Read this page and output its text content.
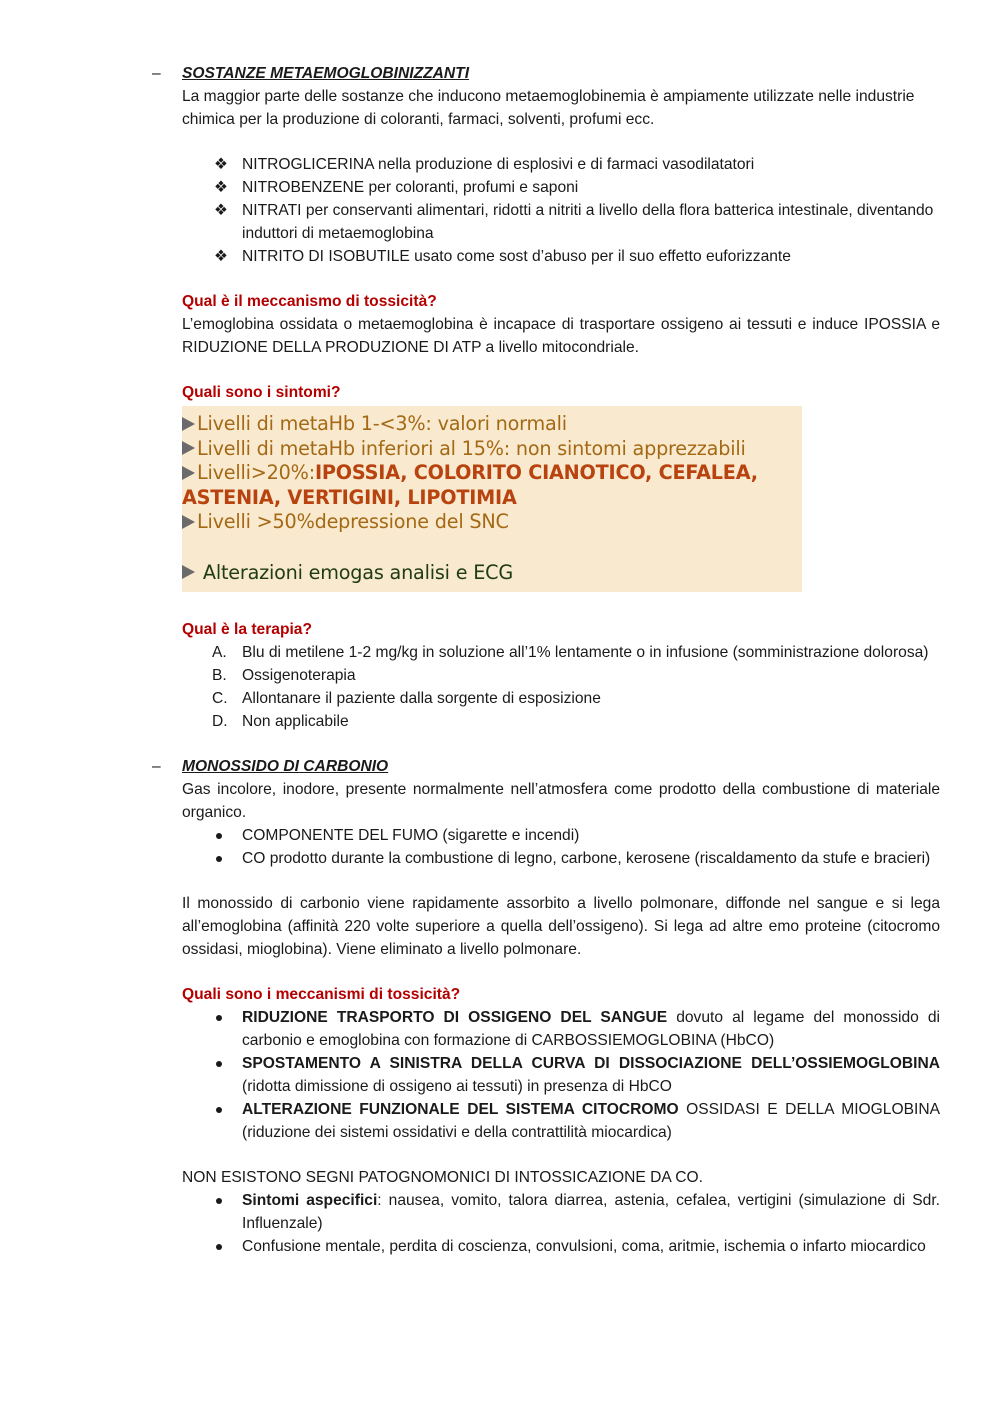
– SOSTANZE METAEMOGLOBINIZZANTI

La maggior parte delle sostanze che inducono metaemoglobinemia è ampiamente utilizzate nelle industrie chimica per la produzione di coloranti, farmaci, solventi, profumi ecc.

❖ NITROGLICERINA nella produzione di esplosivi e di farmaci vasodilatatori
❖ NITROBENZENE per coloranti, profumi e saponi
❖ NITRATI per conservanti alimentari, ridotti a nitriti a livello della flora batterica intestinale, diventando induttori di metaemoglobina
❖ NITRITO DI ISOBUTILE usato come sost d’abuso per il suo effetto euforizzante

Qual è il meccanismo di tossicità?

L’emoglobina ossidata o metaemoglobina è incapace di trasportare ossigeno ai tessuti e induce IPOSSIA e RIDUZIONE DELLA PRODUZIONE DI ATP a livello mitocondriale.

Quali sono i sintomi?

Livelli di metaHb 1-<3%: valori normali
Livelli di metaHb inferiori al 15%: non sintomi apprezzabili
Livelli>20%:IPOSSIA, COLORITO CIANOTICO, CEFALEA,
ASTENIA, VERTIGINI, LIPOTIMIA
Livelli >50%depressione del SNC
Alterazioni emogas analisi e ECG

Qual è la terapia?

A. Blu di metilene 1-2 mg/kg in soluzione all’1% lentamente o in infusione (somministrazione dolorosa)
B. Ossigenoterapia
C. Allontanare il paziente dalla sorgente di esposizione
D. Non applicabile
– MONOSSIDO DI CARBONIO

Gas incolore, inodore, presente normalmente nell’atmosfera come prodotto della combustione di materiale organico.

COMPONENTE DEL FUMO (sigarette e incendi)
CO prodotto durante la combustione di legno, carbone, kerosene (riscaldamento da stufe e bracieri)

Il monossido di carbonio viene rapidamente assorbito a livello polmonare, diffonde nel sangue e si lega all’emoglobina (affinità 220 volte superiore a quella dell’ossigeno). Si lega ad altre emo proteine (citocromo ossidasi, mioglobina). Viene eliminato a livello polmonare.

Quali sono i meccanismi di tossicità?

RIDUZIONE TRASPORTO DI OSSIGENO DEL SANGUE dovuto al legame del monossido di carbonio e emoglobina con formazione di CARBOSSIEMOGLOBINA (HbCO)
SPOSTAMENTO A SINISTRA DELLA CURVA DI DISSOCIAZIONE DELL’OSSIEMOGLOBINA (ridotta dimissione di ossigeno ai tessuti) in presenza di HbCO
ALTERAZIONE FUNZIONALE DEL SISTEMA CITOCROMO OSSIDASI E DELLA MIOGLOBINA (riduzione dei sistemi ossidativi e della contrattilità miocardica)

NON ESISTONO SEGNI PATOGNOMONICI DI INTOSSICAZIONE DA CO.

Sintomi aspecifici: nausea, vomito, talora diarrea, astenia, cefalea, vertigini (simulazione di Sdr. Influenzale)
Confusione mentale, perdita di coscienza, convulsioni, coma, aritmie, ischemia o infarto miocardico
